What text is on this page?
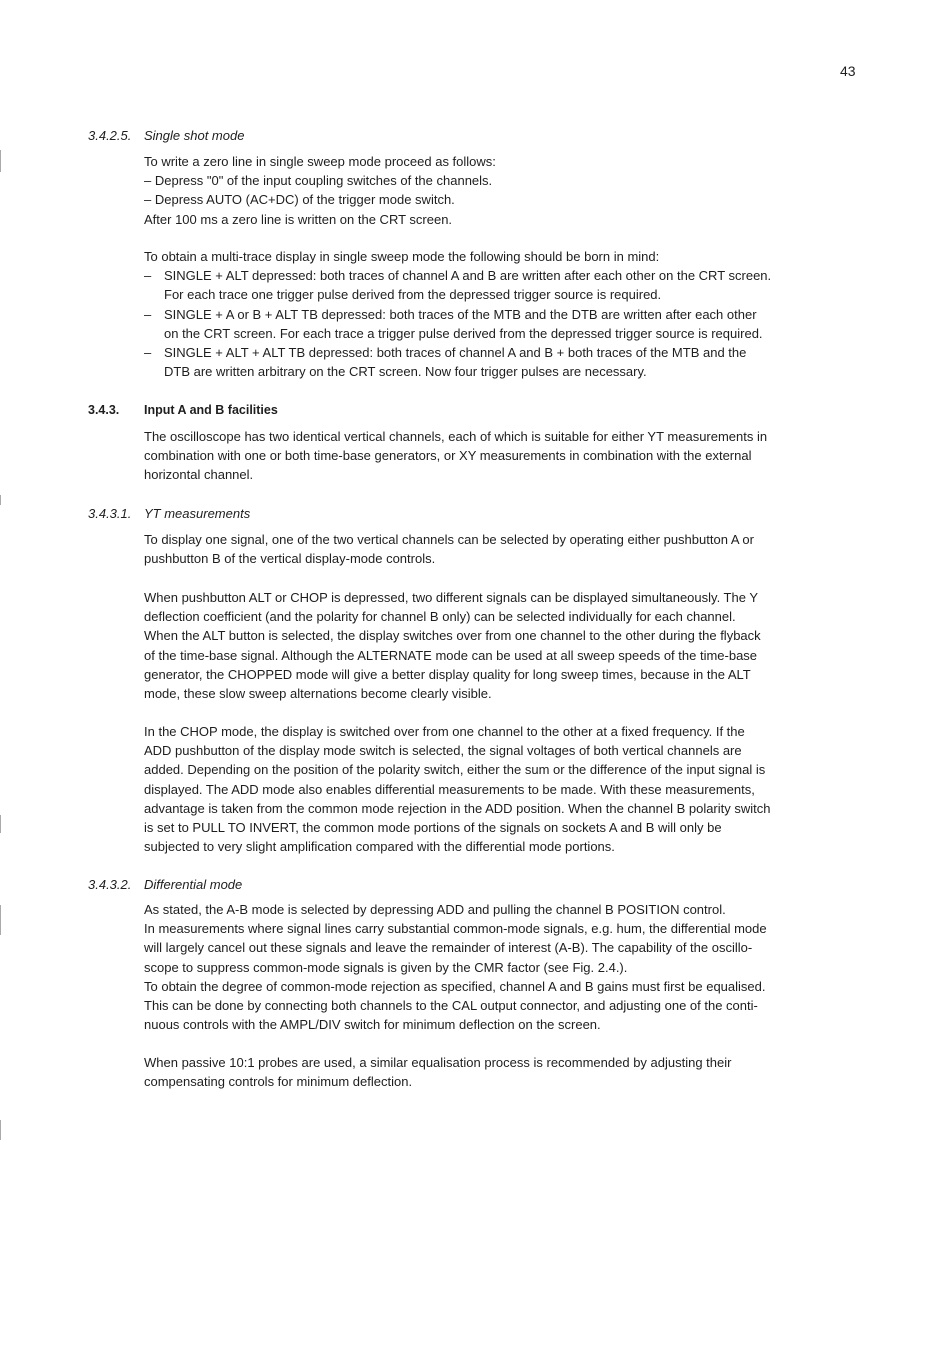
43
3.4.2.5. Single shot mode

To write a zero line in single sweep mode proceed as follows:

– Depress "0" of the input coupling switches of the channels.

– Depress AUTO (AC+DC) of the trigger mode switch.

After 100 ms a zero line is written on the CRT screen.

To obtain a multi-trace display in single sweep mode the following should be born in mind:

– SINGLE + ALT depressed: both traces of channel A and B are written after each other on the CRT screen.
For each trace one trigger pulse derived from the depressed trigger source is required.
– SINGLE + A or B + ALT TB depressed: both traces of the MTB and the DTB are written after each other
on the CRT screen. For each trace a trigger pulse derived from the depressed trigger source is required.
– SINGLE + ALT + ALT TB depressed: both traces of channel A and B + both traces of the MTB and the
DTB are written arbitrary on the CRT screen. Now four trigger pulses are necessary.
3.4.3.	Input A and B facilities

The oscilloscope has two identical vertical channels, each of which is suitable for either YT measurements in

combination with one or both time-base generators, or XY measurements in combination with the external

horizontal channel.

3.4.3.1. YT measurements

To display one signal, one of the two vertical channels can be selected by operating either pushbutton A or

pushbutton B of the vertical display-mode controls.

When pushbutton ALT or CHOP is depressed, two different signals can be displayed simultaneously. The Y

deflection coefficient (and the polarity for channel B only) can be selected individually for each channel.

When the ALT button is selected, the display switches over from one channel to the other during the flyback

of the time-base signal. Although the ALTERNATE mode can be used at all sweep speeds of the time-base

generator, the CHOPPED mode will give a better display quality for long sweep times, because in the ALT

mode, these slow sweep alternations become clearly visible.

In the CHOP mode, the display is switched over from one channel to the other at a fixed frequency. If the

ADD pushbutton of the display mode switch is selected, the signal voltages of both vertical channels are

added. Depending on the position of the polarity switch, either the sum or the difference of the input signal is

displayed. The ADD mode also enables differential measurements to be made. With these measurements,

advantage is taken from the common mode rejection in the ADD position. When the channel B polarity switch

is set to PULL TO INVERT, the common mode portions of the signals on sockets A and B will only be

subjected to very slight amplification compared with the differential mode portions.

3.4.3.2. Differential mode

As stated, the A-B mode is selected by depressing ADD and pulling the channel B POSITION control.

In measurements where signal lines carry substantial common-mode signals, e.g. hum, the differential mode

will largely cancel out these signals and leave the remainder of interest (A-B). The capability of the oscillo-

scope to suppress common-mode signals is given by the CMR factor (see Fig. 2.4.).

To obtain the degree of common-mode rejection as specified, channel A and B gains must first be equalised.

This can be done by connecting both channels to the CAL output connector, and adjusting one of the conti-

nuous controls with the AMPL/DIV switch for minimum deflection on the screen.

When passive 10:1 probes are used, a similar equalisation process is recommended by adjusting their

compensating controls for minimum deflection.
